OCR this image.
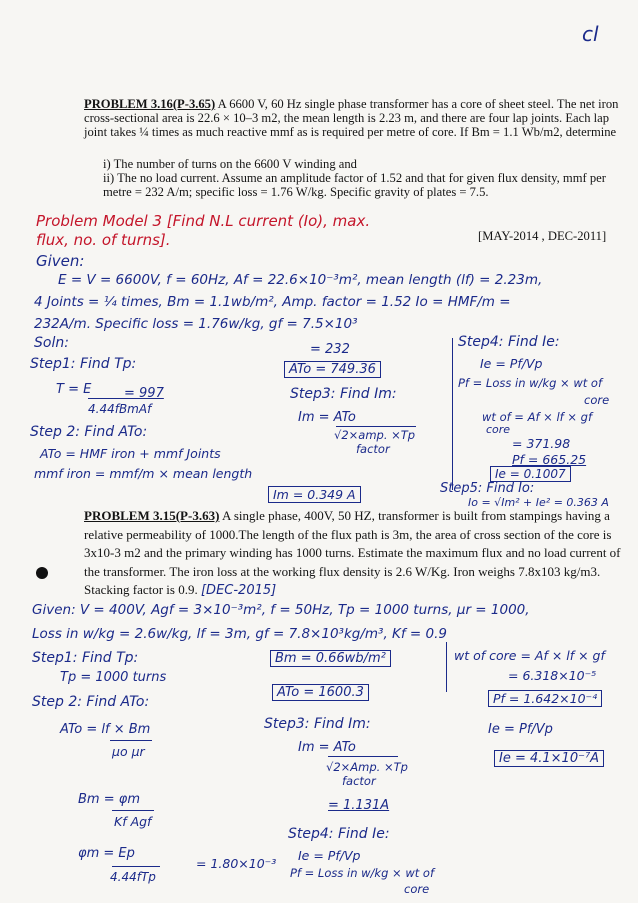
cl
PROBLEM 3.16(P-3.65) A 6600 V, 60 Hz single phase transformer has a core of sheet steel. The net iron cross-sectional area is 22.6 × 10–3 m2, the mean length is 2.23 m, and there are four lap joints. Each lap joint takes ¼ times as much reactive mmf as is required per metre of core. If Bm = 1.1 Wb/m2, determine
i) The number of turns on the 6600 V winding and
ii) The no load current. Assume an amplitude factor of 1.52 and that for given flux density, mmf per metre = 232 A/m; specific loss = 1.76 W/kg. Specific gravity of plates = 7.5.
Problem Model 3 [Find N.L current (Io), max.
[MAY-2014 , DEC-2011]
flux, no. of turns].
Given:
E = V = 6600V, f = 60Hz, Af = 22.6×10⁻³m², mean length (lf) = 2.23m,
4 Joints = ¼ times, Bm = 1.1wb/m², Amp. factor = 1.52 Io = HMF/m =
232A/m. Specific loss = 1.76w/kg, gf = 7.5×10³
Soln:
Step1: Find Tp:
T = E
4.44fBmAf
= 997
Step 2: Find ATo:
ATo = HMF iron + mmf Joints
mmf iron = mmf/m × mean length
= 232
ATo = 749.36
Step3: Find Im:
Im = ATo
√2×amp. ×Tp
factor
Im = 0.349 A
Step4: Find Ie:
Ie = Pf/Vp
Pf = Loss in w/kg × wt of
core
wt of = Af × lf × gf
core
= 371.98
Pf = 665.25
Ie = 0.1007
Step5: Find Io:
Io = √Im² + Ie² = 0.363 A
PROBLEM 3.15(P-3.63) A single phase, 400V, 50 HZ, transformer is built from stampings having a relative permeability of 1000.The length of the flux path is 3m, the area of cross section of the core is 3x10-3 m2 and the primary winding has 1000 turns. Estimate the maximum flux and no load current of the transformer. The iron loss at the working flux density is 2.6 W/Kg. Iron weighs 7.8x103 kg/m3. Stacking factor is 0.9. [DEC-2015]
Given: V = 400V, Agf = 3×10⁻³m², f = 50Hz, Tp = 1000 turns, μr = 1000,
Loss in w/kg = 2.6w/kg, lf = 3m, gf = 7.8×10³kg/m³, Kf = 0.9
Step1: Find Tp:
Tp = 1000 turns
Step 2: Find ATo:
ATo = lf × Bm
μo μr
Bm = φm
Kf Agf
φm = Ep
4.44fTp
= 1.80×10⁻³
Bm = 0.66wb/m²
ATo = 1600.3
Step3: Find Im:
Im = ATo
√2×Amp. ×Tp
factor
= 1.131A
Step4: Find Ie:
Ie = Pf/Vp
Pf = Loss in w/kg × wt of
core
wt of core = Af × lf × gf
= 6.318×10⁻⁵
Pf = 1.642×10⁻⁴
Ie = Pf/Vp
Ie = 4.1×10⁻⁷A
